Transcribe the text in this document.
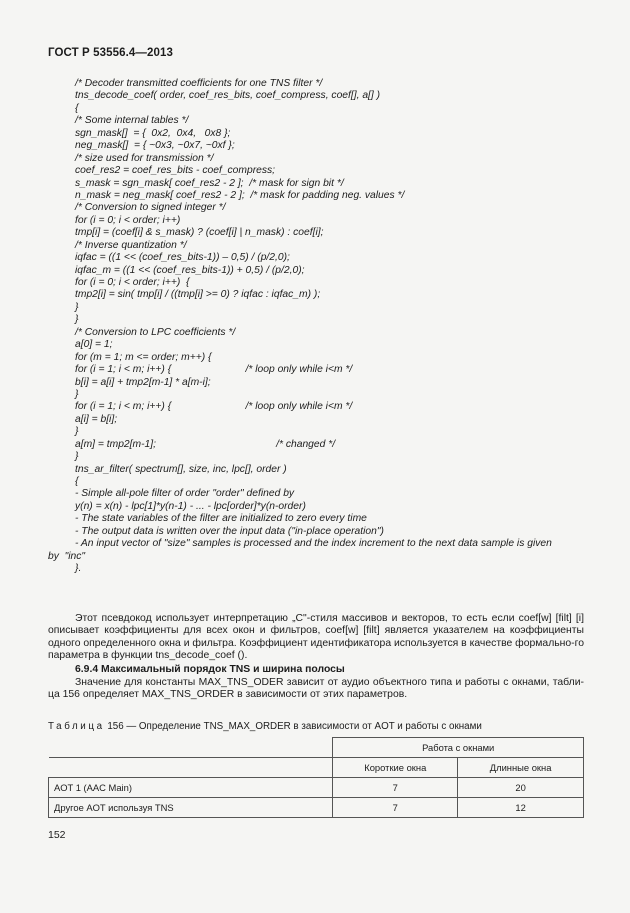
ГОСТ Р 53556.4—2013
/* Decoder transmitted coefficients for one TNS filter */
tns_decode_coef( order, coef_res_bits, coef_compress, coef[], a[] )
{
/* Some internal tables */
sgn_mask[]  = {  0x2,  0x4,   0x8 };
neg_mask[]  = { ~0x3, ~0x7, ~0xf };
/* size used for transmission */
coef_res2 = coef_res_bits - coef_compress;
s_mask = sgn_mask[ coef_res2 - 2 ];  /* mask for sign bit */
n_mask = neg_mask[ coef_res2 - 2 ];  /* mask for padding neg. values */
/* Conversion to signed integer */
for (i = 0; i < order; i++)
tmp[i] = (coef[i] & s_mask) ? (coef[i] | n_mask) : coef[i];
/* Inverse quantization */
iqfac = ((1 << (coef_res_bits-1)) – 0,5) / (p/2,0);
iqfac_m = ((1 << (coef_res_bits-1)) + 0,5) / (p/2,0);
for (i = 0; i < order; i++)  {
tmp2[i] = sin( tmp[i] / ((tmp[i] >= 0) ? iqfac : iqfac_m) );
}
}
/* Conversion to LPC coefficients */
a[0] = 1;
for (m = 1; m <= order; m++) {
for (i = 1; i < m; i++) {                          /* loop only while i<m */
b[i] = a[i] + tmp2[m-1] * a[m-i];
}
for (i = 1; i < m; i++) {                          /* loop only while i<m */
a[i] = b[i];
}
a[m] = tmp2[m-1];                                          /* changed */
}
tns_ar_filter( spectrum[], size, inc, lpc[], order )
{
- Simple all-pole filter of order "order" defined by
y(n) = x(n) - lpc[1]*y(n-1) - ... - lpc[order]*y(n-order)
- The state variables of the filter are initialized to zero every time
- The output data is written over the input data ("in-place operation")
- An input vector of "size" samples is processed and the index increment to the next data sample is given
by  "inc"
}.
Этот псевдокод использует интерпретацию „C"-стиля массивов и векторов, то есть если coef[w] [filt] [i] описывает коэффициенты для всех окон и фильтров, coef[w] [filt] является указателем на коэффициенты одного определенного окна и фильтра. Коэффициент идентификатора используется в качестве формально-го параметра в функции tns_decode_coef ().
6.9.4 Максимальный порядок TNS и ширина полосы
Значение для константы MAX_TNS_ODER зависит от аудио объектного типа и работы с окнами, табли-ца 156 определяет MAX_TNS_ORDER в зависимости от этих параметров.
Таблица 156 — Определение TNS_MAX_ORDER в зависимости от AOT и работы с окнами
	Работа с окнами	
	Короткие окна	Длинные окна
AOT 1 (AAC Main)	7	20
Другое AOT используя TNS	7	12
152
